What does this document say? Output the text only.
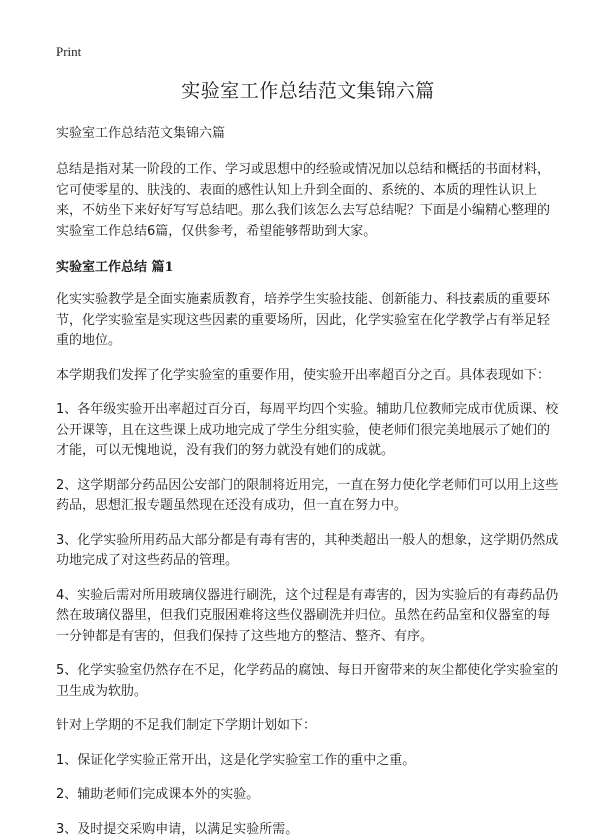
Print
实验室工作总结范文集锦六篇

实验室工作总结范文集锦六篇

总结是指对某一阶段的工作、学习或思想中的经验或情况加以总结和概括的书面材料，它可使零星的、肤浅的、表面的感性认知上升到全面的、系统的、本质的理性认识上来，不妨坐下来好好写写总结吧。那么我们该怎么去写总结呢？下面是小编精心整理的实验室工作总结6篇，仅供参考，希望能够帮助到大家。

实验室工作总结 篇1

化实实验教学是全面实施素质教育，培养学生实验技能、创新能力、科技素质的重要环节，化学实验室是实现这些因素的重要场所，因此，化学实验室在化学教学占有举足轻重的地位。

本学期我们发挥了化学实验室的重要作用，使实验开出率超百分之百。具体表现如下：

1、各年级实验开出率超过百分百，每周平均四个实验。辅助几位教师完成市优质课、校公开课等，且在这些课上成功地完成了学生分组实验，使老师们很完美地展示了她们的才能，可以无愧地说，没有我们的努力就没有她们的成就。

2、这学期部分药品因公安部门的限制将近用完，一直在努力使化学老师们可以用上这些药品，思想汇报专题虽然现在还没有成功，但一直在努力中。

3、化学实验所用药品大部分都是有毒有害的，其种类超出一般人的想象，这学期仍然成功地完成了对这些药品的管理。

4、实验后需对所用玻璃仪器进行刷洗，这个过程是有毒害的，因为实验后的有毒药品仍然在玻璃仪器里，但我们克服困难将这些仪器刷洗并归位。虽然在药品室和仪器室的每一分钟都是有害的，但我们保持了这些地方的整洁、整齐、有序。

5、化学实验室仍然存在不足，化学药品的腐蚀、每日开窗带来的灰尘都使化学实验室的卫生成为软肋。

针对上学期的不足我们制定下学期计划如下：

1、保证化学实验正常开出，这是化学实验室工作的重中之重。

2、辅助老师们完成课本外的实验。

3、及时提交采购申请，以满足实验所需。
